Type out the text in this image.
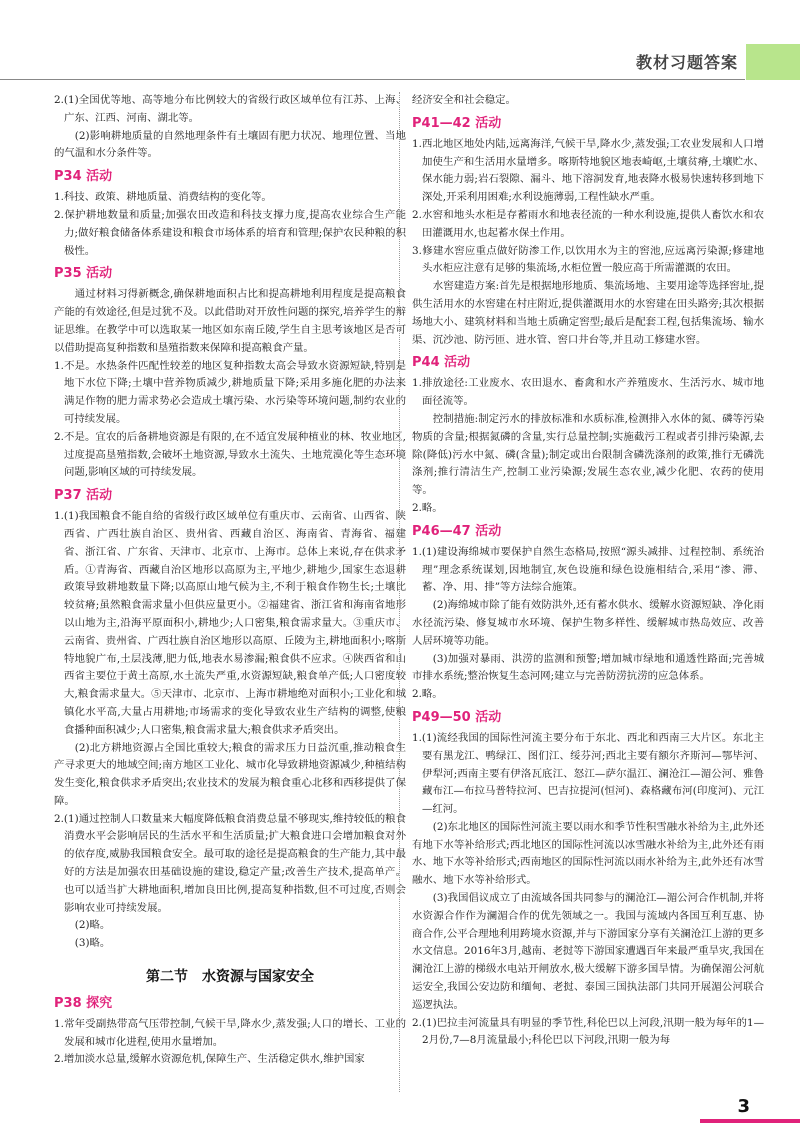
教材习题答案
2.(1)全国优等地、高等地分布比例较大的省级行政区域单位有江苏、上海、广东、江西、河南、湖北等。
(2)影响耕地质量的自然地理条件有土壤固有肥力状况、地理位置、当地的气温和水分条件等。
P34 活动
1.科技、政策、耕地质量、消费结构的变化等。
2.保护耕地数量和质量;加强农田改造和科技支撑力度,提高农业综合生产能力;做好粮食储备体系建设和粮食市场体系的培育和管理;保护农民种粮的积极性。
P35 活动
通过材料习得新概念,确保耕地面积占比和提高耕地利用程度是提高粮食产能的有效途径,但是过犹不及。以此借助对开放性问题的探究,培养学生的辩证思维。在教学中可以选取某一地区如东南丘陵,学生自主思考该地区是否可以借助提高复种指数和垦殖指数来保障和提高粮食产量。
1.不是。水热条件匹配性较差的地区复种指数太高会导致水资源短缺,特别是地下水位下降;土壤中营养物质减少,耕地质量下降;采用多施化肥的办法来满足作物的肥力需求势必会造成土壤污染、水污染等环境问题,制约农业的可持续发展。
2.不是。宜农的后备耕地资源是有限的,在不适宜发展种植业的林、牧业地区,过度提高垦殖指数,会破坏土地资源,导致水土流失、土地荒漠化等生态环境问题,影响区域的可持续发展。
P37 活动
1.(1)我国粮食不能自给的省级行政区域单位有重庆市、云南省、山西省、陕西省、广西壮族自治区、贵州省、西藏自治区、海南省、青海省、福建省、浙江省、广东省、天津市、北京市、上海市。总体上来说,存在供求矛盾。①青海省、西藏自治区地形以高原为主,平地少,耕地少,国家生态退耕政策导致耕地数量下降;以高原山地气候为主,不利于粮食作物生长;土壤比较贫瘠;虽然粮食需求量小但供应量更小。②福建省、浙江省和海南省地形以山地为主,沿海平原面积小,耕地少;人口密集,粮食需求量大。③重庆市、云南省、贵州省、广西壮族自治区地形以高原、丘陵为主,耕地面积小;喀斯特地貌广布,土层浅薄,肥力低,地表水易渗漏;粮食供不应求。④陕西省和山西省主要位于黄土高原,水土流失严重,水资源短缺,粮食单产低;人口密度较大,粮食需求量大。⑤天津市、北京市、上海市耕地绝对面积小;工业化和城镇化水平高,大量占用耕地;市场需求的变化导致农业生产结构的调整,使粮食播种面积减少;人口密集,粮食需求量大;粮食供求矛盾突出。
(2)北方耕地资源占全国比重较大;粮食的需求压力日益沉重,推动粮食生产寻求更大的地域空间;南方地区工业化、城市化导致耕地资源减少,种植结构发生变化,粮食供求矛盾突出;农业技术的发展为粮食重心北移和西移提供了保障。
2.(1)通过控制人口数量来大幅度降低粮食消费总量不够现实,维持较低的粮食消费水平会影响居民的生活水平和生活质量;扩大粮食进口会增加粮食对外的依存度,威胁我国粮食安全。最可取的途径是提高粮食的生产能力,其中最好的方法是加强农田基础设施的建设,稳定产量;改善生产技术,提高单产。也可以适当扩大耕地面积,增加良田比例,提高复种指数,但不可过度,否则会影响农业可持续发展。
(2)略。
(3)略。
第二节　水资源与国家安全
P38 探究
1.常年受副热带高气压带控制,气候干旱,降水少,蒸发强;人口的增长、工业的发展和城市化进程,使用水量增加。
2.增加淡水总量,缓解水资源危机,保障生产、生活稳定供水,维护国家
经济安全和社会稳定。
P41—42 活动
1.西北地区地处内陆,远离海洋,气候干旱,降水少,蒸发强;工农业发展和人口增加使生产和生活用水量增多。喀斯特地貌区地表崎岖,土壤贫瘠,土壤贮水、保水能力弱;岩石裂隙、漏斗、地下溶洞发育,地表降水极易快速转移到地下深处,开采利用困难;水利设施薄弱,工程性缺水严重。
2.水窖和地头水柜是存蓄雨水和地表径流的一种水利设施,提供人畜饮水和农田灌溉用水,也起蓄水保土作用。
3.修建水窖应重点做好防渗工作,以饮用水为主的窖池,应远离污染源;修建地头水柜应注意有足够的集流场,水柜位置一般应高于所需灌溉的农田。
水窖建造方案:首先是根据地形地质、集流场地、主要用途等选择窖址,提供生活用水的水窖建在村庄附近,提供灌溉用水的水窖建在田头路旁;其次根据场地大小、建筑材料和当地土质确定窖型;最后是配套工程,包括集流场、输水渠、沉沙池、防污匝、进水管、窖口井台等,并且动工修建水窖。
P44 活动
1.排放途径:工业废水、农田退水、畜禽和水产养殖废水、生活污水、城市地面径流等。
控制措施:制定污水的排放标准和水质标准,检测排入水体的氮、磷等污染物质的含量;根据氮磷的含量,实行总量控制;实施截污工程或者引排污染源,去除(降低)污水中氮、磷(含量);制定或出台限制含磷洗涤剂的政策,推行无磷洗涤剂;推行清洁生产,控制工业污染源;发展生态农业,减少化肥、农药的使用等。
2.略。
P46—47 活动
1.(1)建设海绵城市要保护自然生态格局,按照“源头减排、过程控制、系统治理”理念系统谋划,因地制宜,灰色设施和绿色设施相结合,采用“渗、滞、蓄、净、用、排”等方法综合施策。
(2)海绵城市除了能有效防洪外,还有蓄水供水、缓解水资源短缺、净化雨水径流污染、修复城市水环境、保护生物多样性、缓解城市热岛效应、改善人居环境等功能。
(3)加强对暴雨、洪涝的监测和预警;增加城市绿地和通透性路面;完善城市排水系统;整治恢复生态河网;建立与完善防涝抗涝的应急体系。
2.略。
P49—50 活动
1.(1)流经我国的国际性河流主要分布于东北、西北和西南三大片区。东北主要有黑龙江、鸭绿江、图们江、绥芬河;西北主要有额尔齐斯河—鄂毕河、伊犁河;西南主要有伊洛瓦底江、怒江—萨尔温江、澜沧江—湄公河、雅鲁藏布江—布拉马普特拉河、巴吉拉提河(恒河)、森格藏布河(印度河)、元江—红河。
(2)东北地区的国际性河流主要以雨水和季节性积雪融水补给为主,此外还有地下水等补给形式;西北地区的国际性河流以冰雪融水补给为主,此外还有雨水、地下水等补给形式;西南地区的国际性河流以雨水补给为主,此外还有冰雪融水、地下水等补给形式。
(3)我国倡议成立了由流域各国共同参与的澜沧江—湄公河合作机制,并将水资源合作作为澜湄合作的优先领域之一。我国与流域内各国互利互惠、协商合作,公平合理地利用跨境水资源,并与下游国家分享有关澜沧江上游的更多水文信息。2016年3月,越南、老挝等下游国家遭遇百年来最严重旱灾,我国在澜沧江上游的梯级水电站开闸放水,极大缓解下游多国旱情。为确保湄公河航运安全,我国公安边防和缅甸、老挝、泰国三国执法部门共同开展湄公河联合巡逻执法。
2.(1)巴拉圭河流量具有明显的季节性,科伦巴以上河段,汛期一般为每年的1—2月份,7—8月流量最小;科伦巴以下河段,汛期一般为每
3
